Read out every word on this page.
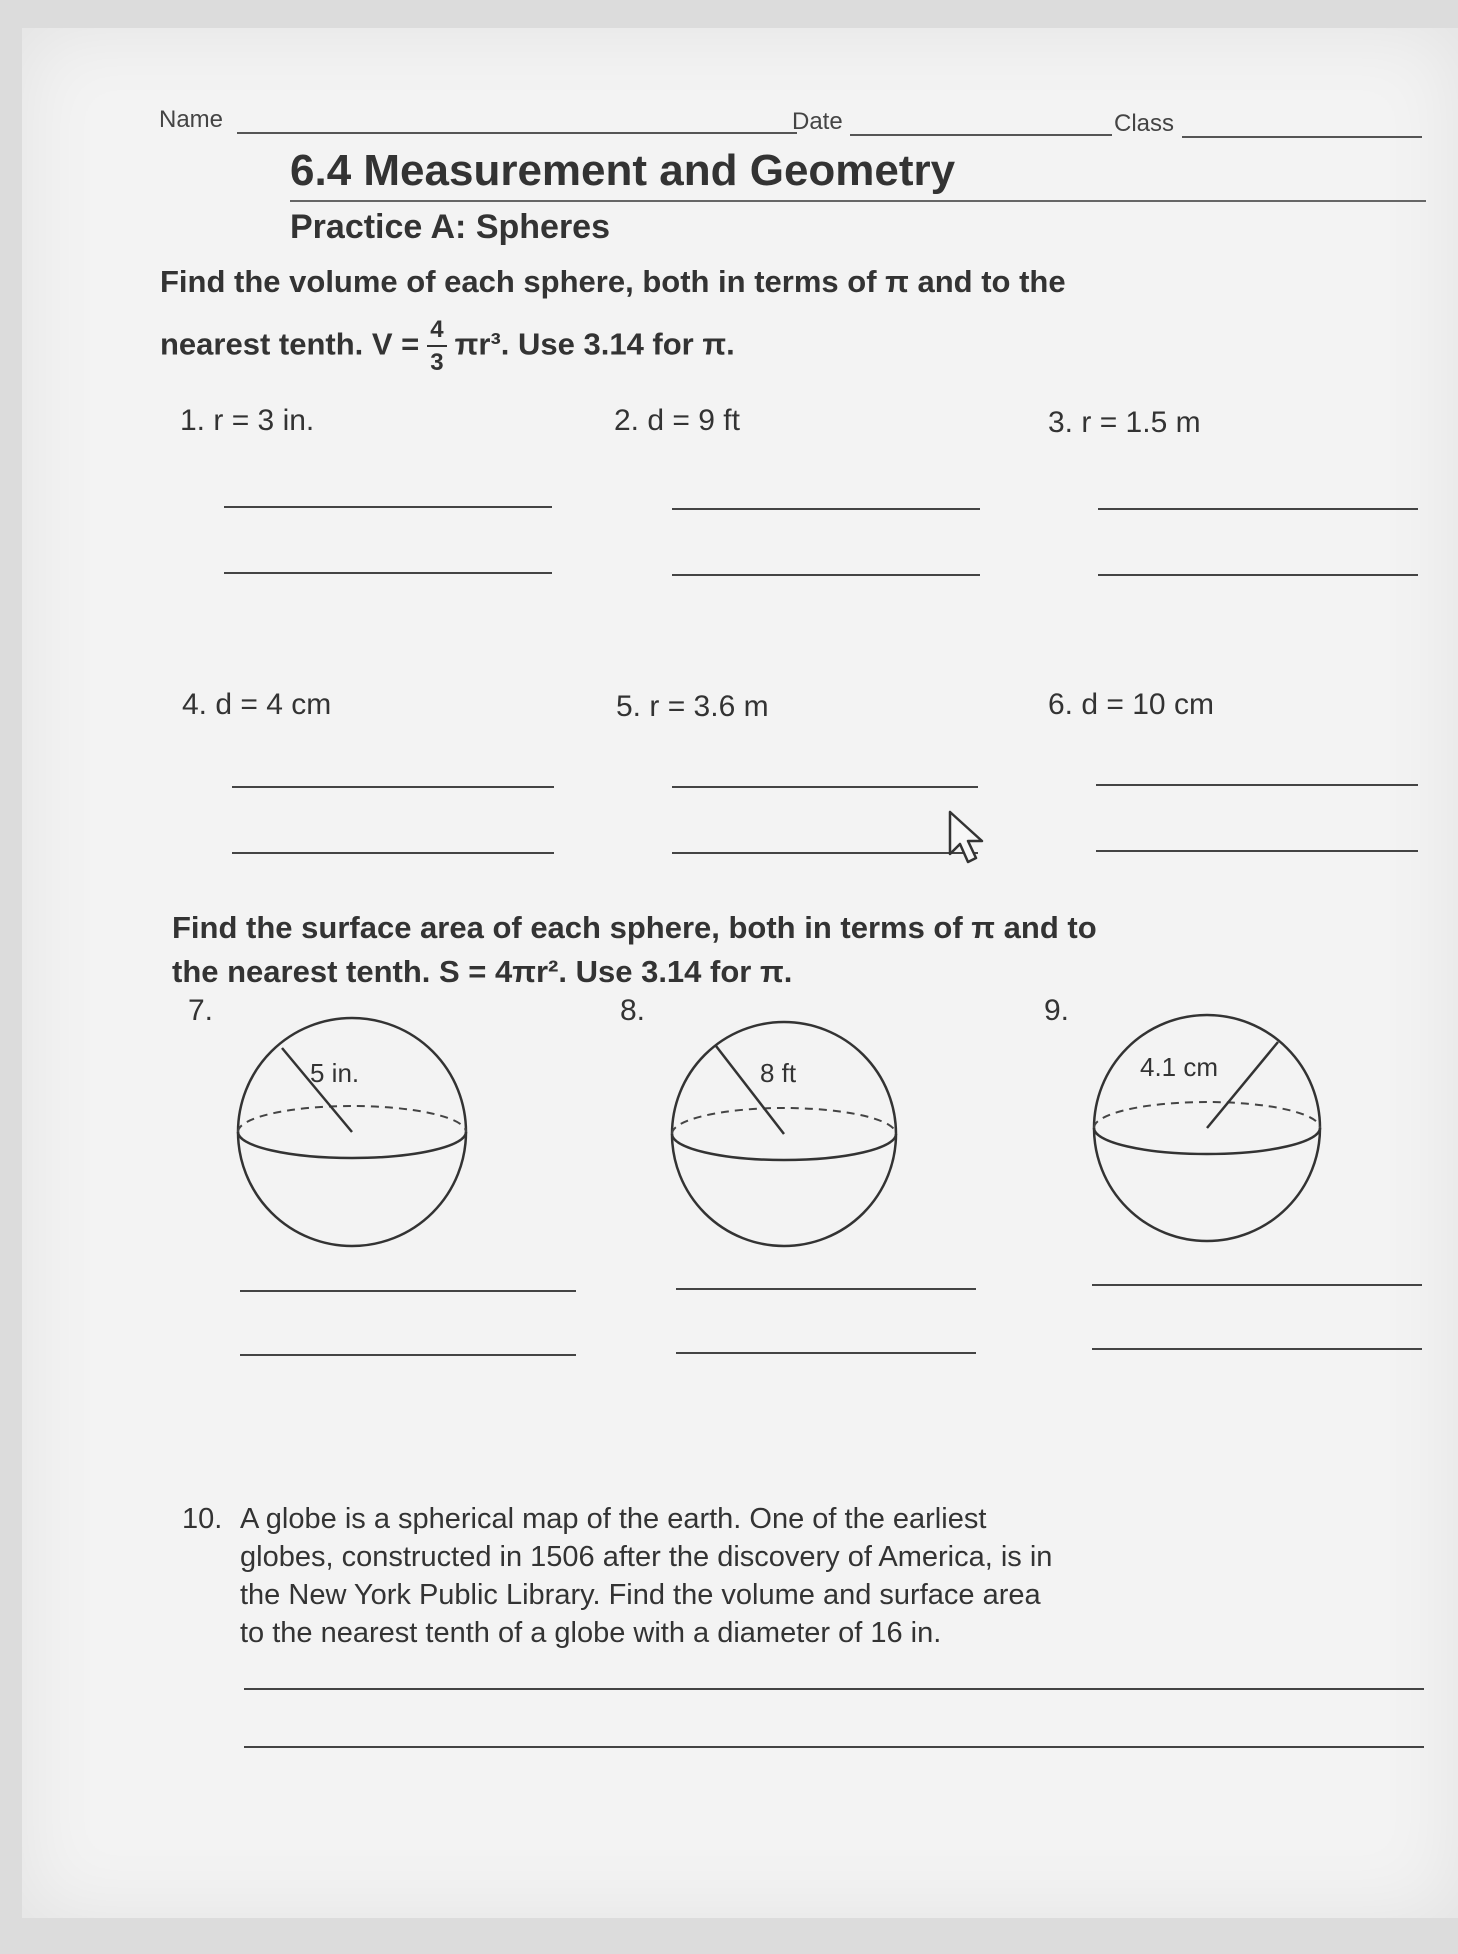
Name	Date	Class
6.4 Measurement and Geometry
Practice A: Spheres
Find the volume of each sphere, both in terms of π and to the
nearest tenth. $V = \frac{4}{3} \pi r^3$. Use 3.14 for π.
1. r = 3 in.	2. d = 9 ft	3. r = 1.5 m
4. d = 4 cm	5. r = 3.6 m	6. d = 10 cm
Find the surface area of each sphere, both in terms of π and to
the nearest tenth. S = 4πr². Use 3.14 for π.
7.	8.	9.
5 in.	8 ft	4.1 cm
10. A globe is a spherical map of the earth. One of the earliest
globes, constructed in 1506 after the discovery of America, is in
the New York Public Library. Find the volume and surface area
to the nearest tenth of a globe with a diameter of 16 in.
